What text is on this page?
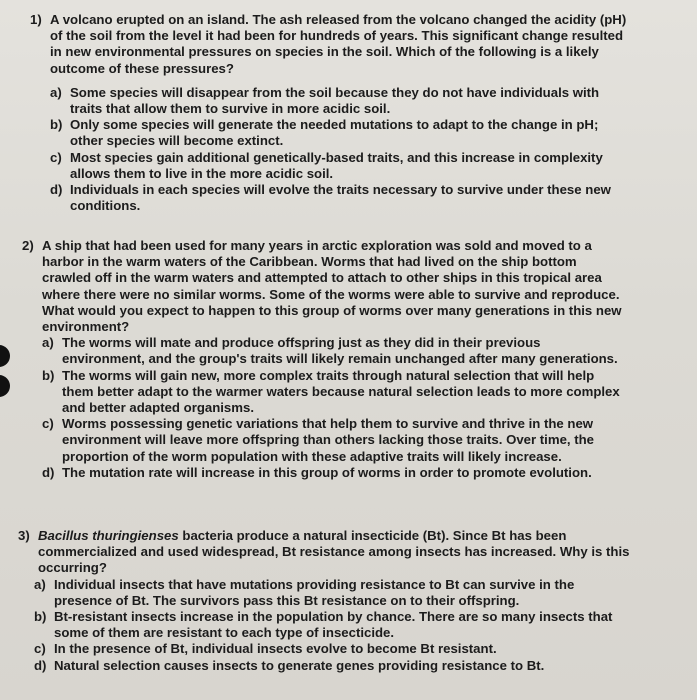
1) A volcano erupted on an island. The ash released from the volcano changed the acidity (pH) of the soil from the level it had been for hundreds of years. This significant change resulted in new environmental pressures on species in the soil. Which of the following is a likely outcome of these pressures?

a) Some species will disappear from the soil because they do not have individuals with traits that allow them to survive in more acidic soil.
b) Only some species will generate the needed mutations to adapt to the change in pH; other species will become extinct.
c) Most species gain additional genetically-based traits, and this increase in complexity allows them to live in the more acidic soil.
d) Individuals in each species will evolve the traits necessary to survive under these new conditions.

2) A ship that had been used for many years in arctic exploration was sold and moved to a harbor in the warm waters of the Caribbean. Worms that had lived on the ship bottom crawled off in the warm waters and attempted to attach to other ships in this tropical area where there were no similar worms. Some of the worms were able to survive and reproduce. What would you expect to happen to this group of worms over many generations in this new environment?

a) The worms will mate and produce offspring just as they did in their previous environment, and the group's traits will likely remain unchanged after many generations.
b) The worms will gain new, more complex traits through natural selection that will help them better adapt to the warmer waters because natural selection leads to more complex and better adapted organisms.
c) Worms possessing genetic variations that help them to survive and thrive in the new environment will leave more offspring than others lacking those traits. Over time, the proportion of the worm population with these adaptive traits will likely increase.
d) The mutation rate will increase in this group of worms in order to promote evolution.

3) Bacillus thuringienses bacteria produce a natural insecticide (Bt). Since Bt has been commercialized and used widespread, Bt resistance among insects has increased. Why is this occurring?

a) Individual insects that have mutations providing resistance to Bt can survive in the presence of Bt. The survivors pass this Bt resistance on to their offspring.
b) Bt-resistant insects increase in the population by chance. There are so many insects that some of them are resistant to each type of insecticide.
c) In the presence of Bt, individual insects evolve to become Bt resistant.
d) Natural selection causes insects to generate genes providing resistance to Bt.
